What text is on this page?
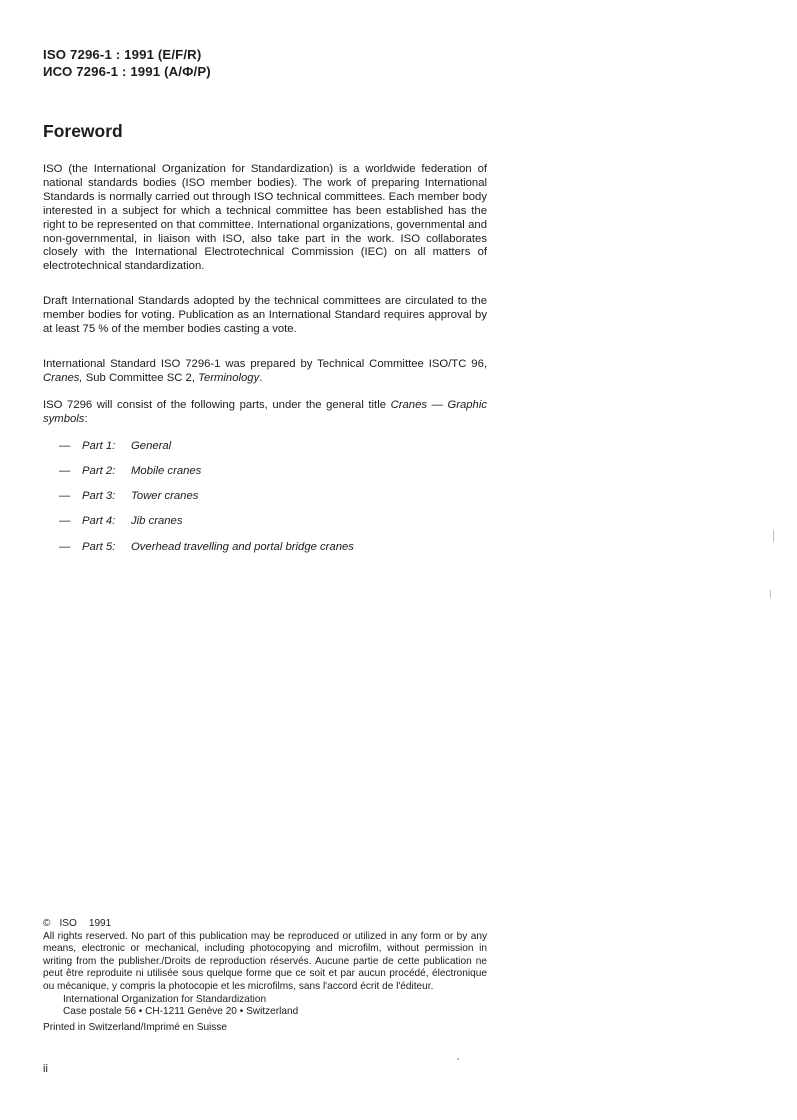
ISO 7296-1 : 1991 (E/F/R)
ИСО 7296-1 : 1991 (А/Ф/Р)
Foreword

ISO (the International Organization for Standardization) is a worldwide federation of national standards bodies (ISO member bodies). The work of preparing International Standards is normally carried out through ISO technical committees. Each member body interested in a subject for which a technical committee has been established has the right to be represented on that committee. International organizations, governmental and non-governmental, in liaison with ISO, also take part in the work. ISO collaborates closely with the International Electrotechnical Commission (IEC) on all matters of electrotechnical standardization.

Draft International Standards adopted by the technical committees are circulated to the member bodies for voting. Publication as an International Standard requires approval by at least 75 % of the member bodies casting a vote.

International Standard ISO 7296-1 was prepared by Technical Committee ISO/TC 96, Cranes, Sub Committee SC 2, Terminology.

ISO 7296 will consist of the following parts, under the general title Cranes — Graphic symbols:

— Part 1: General
— Part 2: Mobile cranes
— Part 3: Tower cranes
— Part 4: Jib cranes
— Part 5: Overhead travelling and portal bridge cranes

© ISO 1991

All rights reserved. No part of this publication may be reproduced or utilized in any form or by any means, electronic or mechanical, including photocopying and microfilm, without permission in writing from the publisher./Droits de reproduction réservés. Aucune partie de cette publication ne peut être reproduite ni utilisée sous quelque forme que ce soit et par aucun procédé, électronique ou mécanique, y compris la photocopie et les microfilms, sans l'accord écrit de l'éditeur.

International Organization for Standardization

Case postale 56 • CH-1211 Genève 20 • Switzerland

Printed in Switzerland/Imprimé en Suisse

ii
